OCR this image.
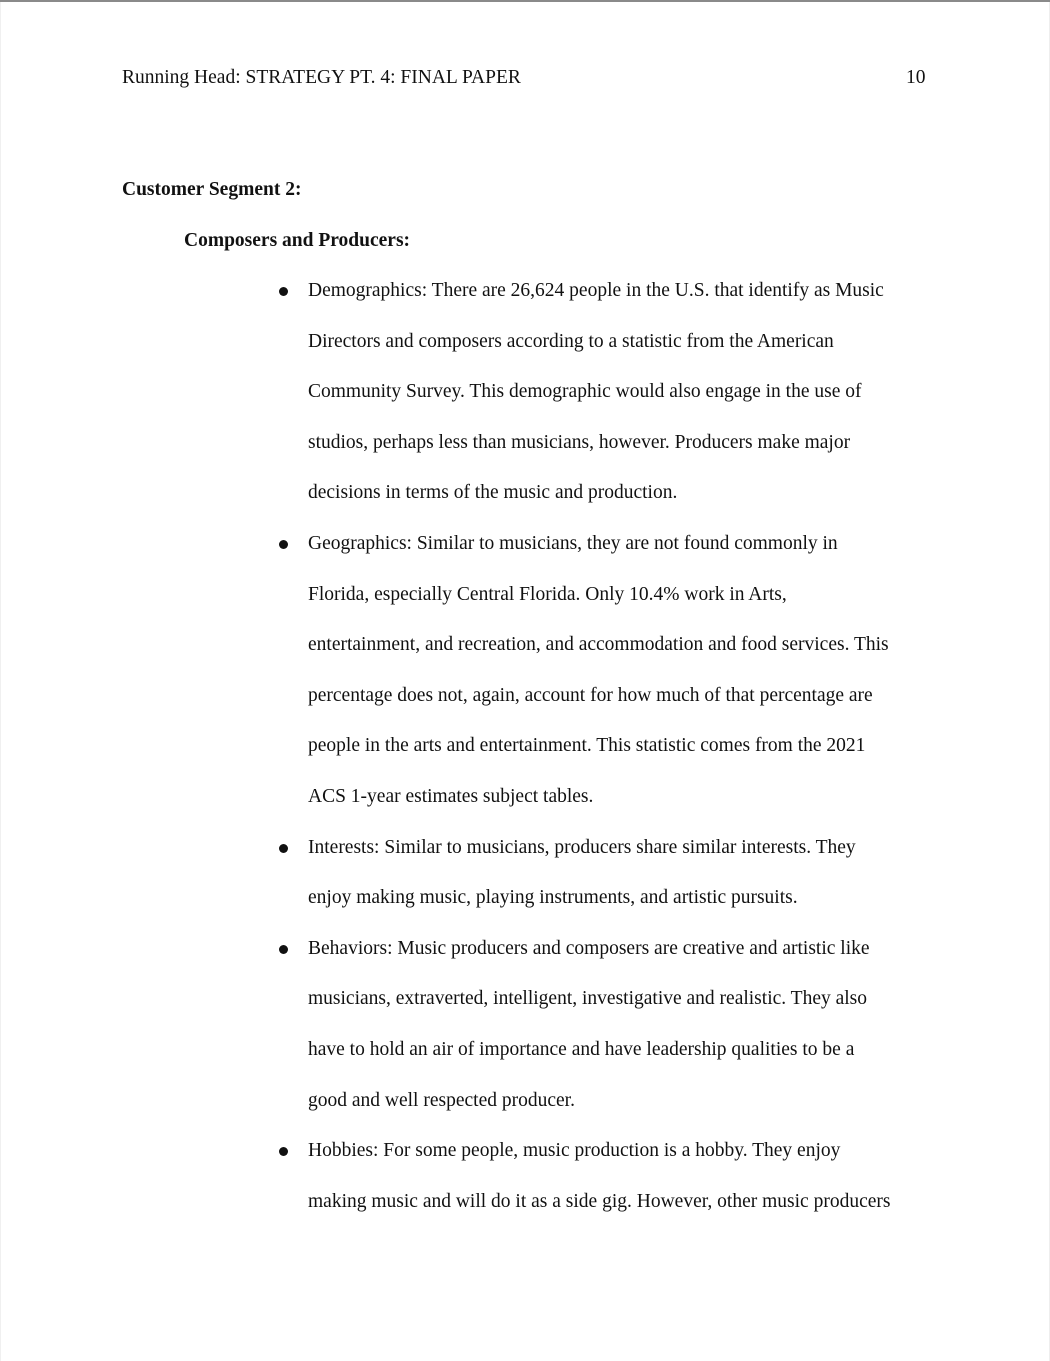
Running Head: STRATEGY PT. 4: FINAL PAPER	10
Customer Segment 2:
Composers and Producers:
Demographics: There are 26,624 people in the U.S. that identify as Music
Directors and composers according to a statistic from the American
Community Survey. This demographic would also engage in the use of
studios, perhaps less than musicians, however. Producers make major
decisions in terms of the music and production.
Geographics: Similar to musicians, they are not found commonly in
Florida, especially Central Florida. Only 10.4% work in Arts,
entertainment, and recreation, and accommodation and food services. This
percentage does not, again, account for how much of that percentage are
people in the arts and entertainment. This statistic comes from the 2021
ACS 1-year estimates subject tables.
Interests: Similar to musicians, producers share similar interests. They
enjoy making music, playing instruments, and artistic pursuits.
Behaviors: Music producers and composers are creative and artistic like
musicians, extraverted, intelligent, investigative and realistic. They also
have to hold an air of importance and have leadership qualities to be a
good and well respected producer.
Hobbies: For some people, music production is a hobby. They enjoy
making music and will do it as a side gig. However, other music producers
